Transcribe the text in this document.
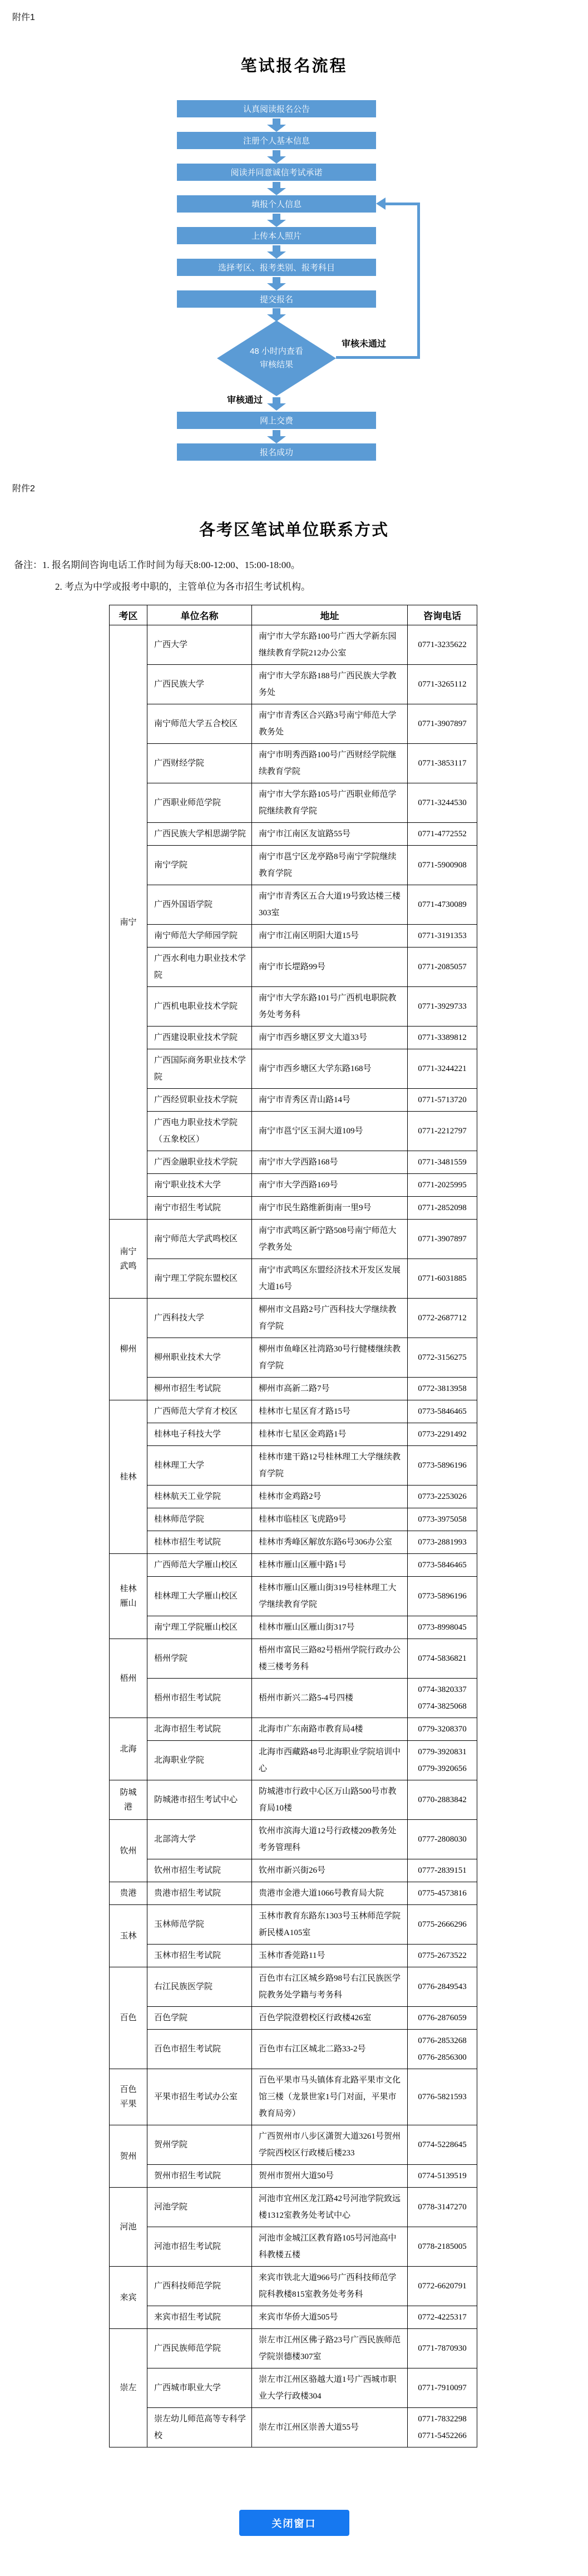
附件1
笔试报名流程
认真阅读报名公告
注册个人基本信息
阅读并同意诚信考试承诺
填报个人信息
上传本人照片
选择考区、报考类别、报考科目
提交报名
48 小时内查看
审核结果
审核未通过
审核通过
网上交费
报名成功
附件2
各考区笔试单位联系方式
备注：1. 报名期间咨询电话工作时间为每天8:00-12:00、15:00-18:00。
2. 考点为中学或报考中职的，主管单位为各市招生考试机构。
考区	单位名称	地址	咨询电话
南宁	广西大学	南宁市大学东路100号广西大学新东园继续教育学院212办公室	0771-3235622

	广西民族大学	南宁市大学东路188号广西民族大学教务处	0771-3265112

	南宁师范大学五合校区	南宁市青秀区合兴路3号南宁师范大学教务处	0771-3907897

	广西财经学院	南宁市明秀西路100号广西财经学院继续教育学院	0771-3853117

	广西职业师范学院	南宁市大学东路105号广西职业师范学院继续教育学院	0771-3244530

	广西民族大学相思湖学院	南宁市江南区友谊路55号	0771-4772552

	南宁学院	南宁市邕宁区龙亭路8号南宁学院继续教育学院	0771-5900908

	广西外国语学院	南宁市青秀区五合大道19号致达楼三楼303室	0771-4730089

	南宁师范大学师园学院	南宁市江南区明阳大道15号	0771-3191353

	广西水利电力职业技术学院	南宁市长堽路99号	0771-2085057

	广西机电职业技术学院	南宁市大学东路101号广西机电职院教务处考务科	0771-3929733

	广西建设职业技术学院	南宁市西乡塘区罗文大道33号	0771-3389812

	广西国际商务职业技术学院	南宁市西乡塘区大学东路168号	0771-3244221

	广西经贸职业技术学院	南宁市青秀区青山路14号	0771-5713720

	广西电力职业技术学院（五象校区）	南宁市邕宁区玉洞大道109号	0771-2212797

	广西金融职业技术学院	南宁市大学西路168号	0771-3481559

	南宁职业技术大学	南宁市大学西路169号	0771-2025995

	南宁市招生考试院	南宁市民生路维新街南一里9号	0771-2852098

南宁武鸣	南宁师范大学武鸣校区	南宁市武鸣区新宁路508号南宁师范大学教务处	0771-3907897

	南宁理工学院东盟校区	南宁市武鸣区东盟经济技术开发区发展大道16号	0771-6031885

柳州	广西科技大学	柳州市文昌路2号广西科技大学继续教育学院	0772-2687712

	柳州职业技术大学	柳州市鱼峰区社湾路30号行健楼继续教育学院	0772-3156275

	柳州市招生考试院	柳州市高新二路7号	0772-3813958

桂林	广西师范大学育才校区	桂林市七星区育才路15号	0773-5846465

	桂林电子科技大学	桂林市七星区金鸡路1号	0773-2291492

	桂林理工大学	桂林市建干路12号桂林理工大学继续教育学院	0773-5896196

	桂林航天工业学院	桂林市金鸡路2号	0773-2253026

	桂林师范学院	桂林市临桂区飞虎路9号	0773-3975058

	桂林市招生考试院	桂林市秀峰区解放东路6号306办公室	0773-2881993

桂林雁山	广西师范大学雁山校区	桂林市雁山区雁中路1号	0773-5846465

	桂林理工大学雁山校区	桂林市雁山区雁山街319号桂林理工大学继续教育学院	0773-5896196

	南宁理工学院雁山校区	桂林市雁山区雁山街317号	0773-8998045

梧州	梧州学院	梧州市富民三路82号梧州学院行政办公楼三楼考务科	0774-5836821

	梧州市招生考试院	梧州市新兴二路5-4号四楼	0774-3820337
0774-3825068

北海	北海市招生考试院	北海市广东南路市教育局4楼	0779-3208370

	北海职业学院	北海市西藏路48号北海职业学院培训中心	0779-3920831
0779-3920656

防城港	防城港市招生考试中心	防城港市行政中心区万山路500号市教育局10楼	0770-2883842

钦州	北部湾大学	钦州市滨海大道12号行政楼209教务处考务管理科	0777-2808030

	钦州市招生考试院	钦州市新兴街26号	0777-2839151

贵港	贵港市招生考试院	贵港市金港大道1066号教育局大院	0775-4573816

玉林	玉林师范学院	玉林市教育东路东1303号玉林师范学院新民楼A105室	0775-2666296

	玉林市招生考试院	玉林市香莞路11号	0775-2673522

百色	右江民族医学院	百色市右江区城乡路98号右江民族医学院教务处学籍与考务科	0776-2849543

	百色学院	百色学院澄碧校区行政楼426室	0776-2876059

	百色市招生考试院	百色市右江区城北二路33-2号	0776-2853268
0776-2856300

百色平果	平果市招生考试办公室	百色平果市马头镇体育北路平果市文化馆三楼（龙景世家1号门对面，平果市教育局旁）	0776-5821593

贺州	贺州学院	广西贺州市八步区潇贺大道3261号贺州学院西校区行政楼后楼233	0774-5228645

	贺州市招生考试院	贺州市贺州大道50号	0774-5139519

河池	河池学院	河池市宜州区龙江路42号河池学院致远楼1312室教务处考试中心	0778-3147270

	河池市招生考试院	河池市金城江区教育路105号河池高中科教楼五楼	0778-2185005

来宾	广西科技师范学院	来宾市铁北大道966号广西科技师范学院科教楼815室教务处考务科	0772-6620791

	来宾市招生考试院	来宾市华侨大道505号	0772-4225317

崇左	广西民族师范学院	崇左市江州区佛子路23号广西民族师范学院崇德楼307室	0771-7870930

	广西城市职业大学	崇左市江州区骆越大道1号广西城市职业大学行政楼304	0771-7910097

	崇左幼儿师范高等专科学校	崇左市江州区崇善大道55号	0771-7832298
0771-5452266
关闭窗口
